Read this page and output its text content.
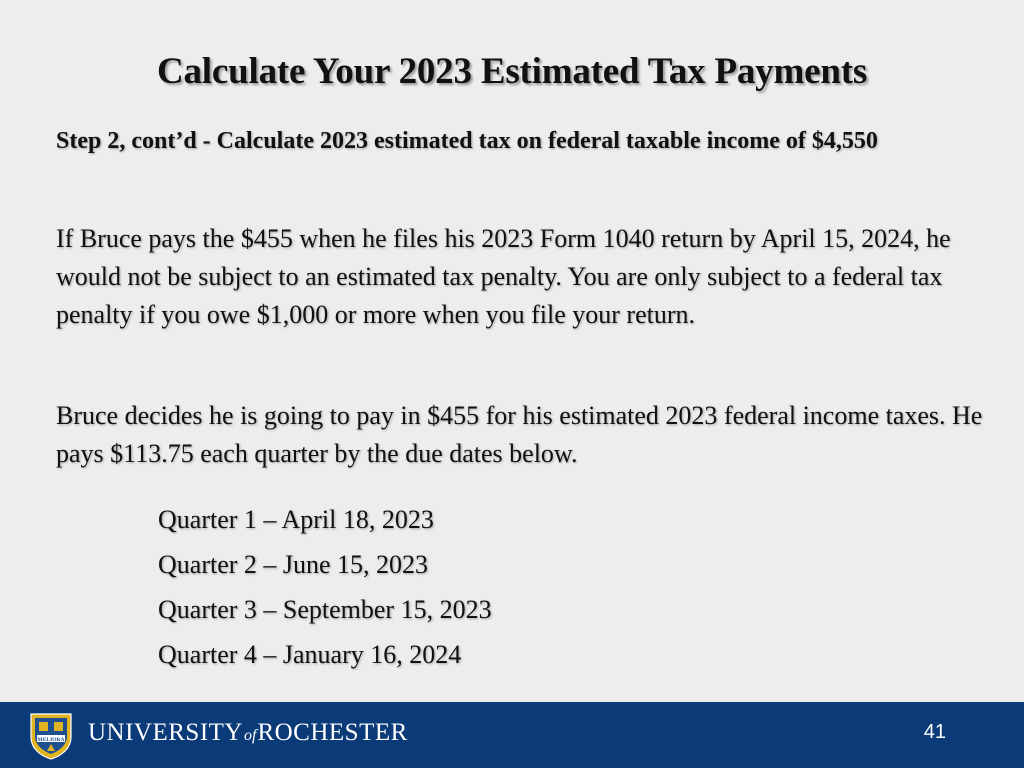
Calculate Your 2023 Estimated Tax Payments
Step 2, cont’d - Calculate 2023 estimated tax on federal taxable income of $4,550
If Bruce pays the $455 when he files his 2023 Form 1040 return by April 15, 2024, he would not be subject to an estimated tax penalty. You are only subject to a federal tax penalty if you owe $1,000 or more when you file your return.
Bruce decides he is going to pay in $455 for his estimated 2023 federal income taxes. He pays $113.75 each quarter by the due dates below.
Quarter 1 – April 18, 2023
Quarter 2 – June 15, 2023
Quarter 3 – September 15, 2023
Quarter 4 – January 16, 2024
MELIORA UNIVERSITYofROCHESTER	41
